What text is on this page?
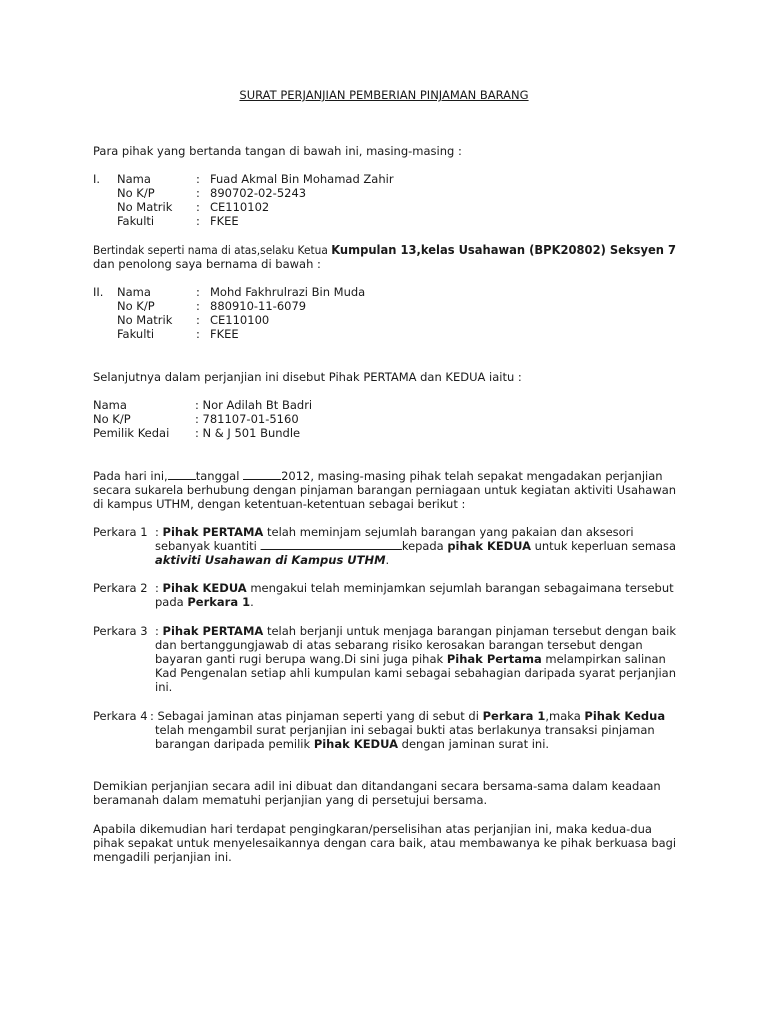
SURAT PERJANJIAN PEMBERIAN PINJAMAN BARANG
Para pihak yang bertanda tangan di bawah ini, masing-masing :
I. Nama	: Fuad Akmal Bin Mohamad Zahir
No K/P	: 890702-02-5243
No Matrik : CE110102
Fakulti	: FKEE
Bertindak seperti nama di atas,selaku Ketua Kumpulan 13,kelas Usahawan (BPK20802) Seksyen 7
dan penolong saya bernama di bawah :
II. Nama	: Mohd Fakhrulrazi Bin Muda
No K/P	: 880910-11-6079
No Matrik : CE110100
Fakulti	: FKEE
Selanjutnya dalam perjanjian ini disebut Pihak PERTAMA dan KEDUA iaitu :
Nama	: Nor Adilah Bt Badri
No K/P	: 781107-01-5160
Pemilik Kedai : N & J 501 Bundle
Pada hari ini, tanggal	2012, masing-masing pihak telah sepakat mengadakan perjanjian
secara sukarela berhubung dengan pinjaman barangan perniagaan untuk kegiatan aktiviti Usahawan
di kampus UTHM, dengan ketentuan-ketentuan sebagai berikut :
Perkara 1 : Pihak PERTAMA telah meminjam sejumlah barangan yang pakaian dan aksesori
sebanyak kuantiti	kepada pihak KEDUA untuk keperluan semasa
aktiviti Usahawan di Kampus UTHM.
Perkara 2 : Pihak KEDUA mengakui telah meminjamkan sejumlah barangan sebagaimana tersebut
pada Perkara 1.
Perkara 3 : Pihak PERTAMA telah berjanji untuk menjaga barangan pinjaman tersebut dengan baik
dan bertanggungjawab di atas sebarang risiko kerosakan barangan tersebut dengan
bayaran ganti rugi berupa wang.Di sini juga pihak Pihak Pertama melampirkan salinan
Kad Pengenalan setiap ahli kumpulan kami sebagai sebahagian daripada syarat perjanjian
ini.
Perkara 4 : Sebagai jaminan atas pinjaman seperti yang di sebut di Perkara 1,maka Pihak Kedua
telah mengambil surat perjanjian ini sebagai bukti atas berlakunya transaksi pinjaman
barangan daripada pemilik Pihak KEDUA dengan jaminan surat ini.
Demikian perjanjian secara adil ini dibuat dan ditandangani secara bersama-sama dalam keadaan
beramanah dalam mematuhi perjanjian yang di persetujui bersama.
Apabila dikemudian hari terdapat pengingkaran/perselisihan atas perjanjian ini, maka kedua-dua
pihak sepakat untuk menyelesaikannya dengan cara baik, atau membawanya ke pihak berkuasa bagi
mengadili perjanjian ini.
